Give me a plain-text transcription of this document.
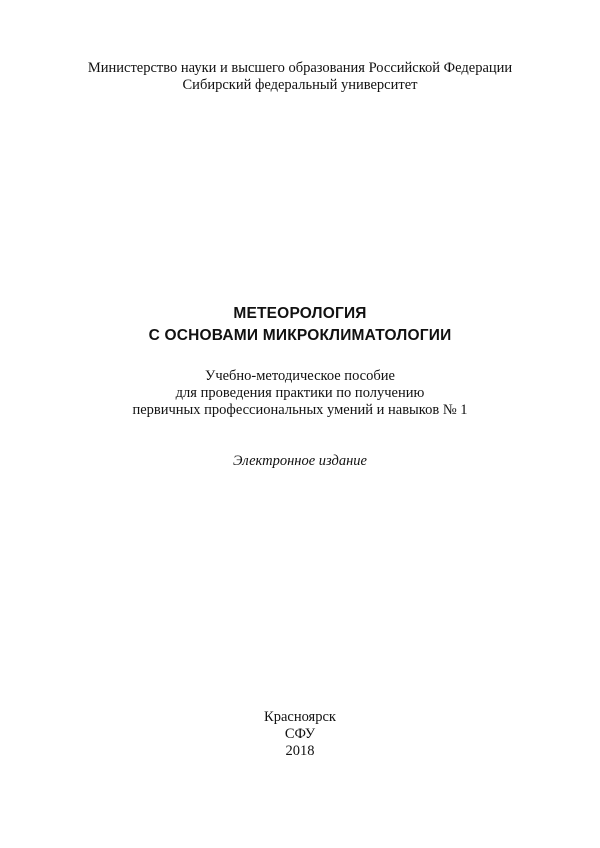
Министерство науки и высшего образования Российской Федерации
Сибирский федеральный университет
МЕТЕОРОЛОГИЯ
С ОСНОВАМИ МИКРОКЛИМАТОЛОГИИ
Учебно-методическое пособие
для проведения практики по получению
первичных профессиональных умений и навыков № 1
Электронное издание
Красноярск
СФУ
2018
